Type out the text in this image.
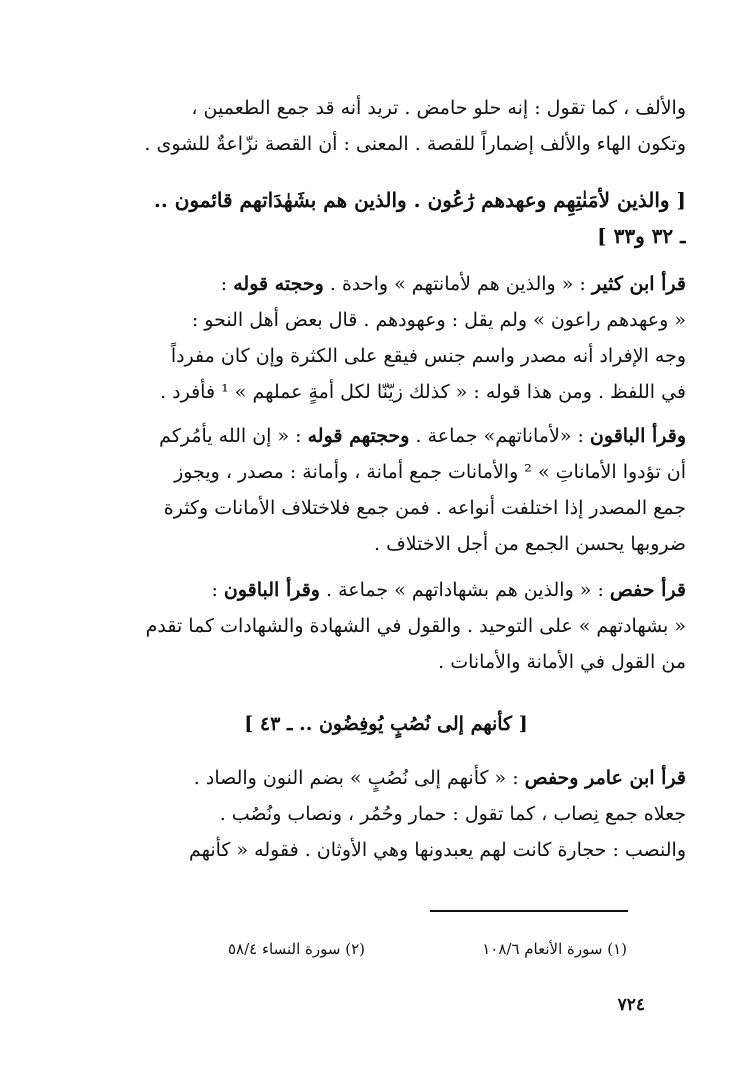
(١) سورة الأنعام ١٠٨/٦
(٢) سورة النساء ٥٨/٤
٧٢٤
والألف ، كما تقول : إنه حلو حامض . تريد أنه قد جمع الطعمين ،
وتكون الهاء والألف إضماراً للقصة . المعنى : أن القصة نزّاعةٌ للشوى .
[ والذين لأمَنٰتِهِم وعهدهم رَٰعُون . والذين هم بشَهٰدَاتهم قائمون ..
ـ ٣٢ و٣٣ ]
قرأ ابن كثير : « والذين هم لأمانتهم » واحدة . وحجته قوله :
« وعهدهم راعون » ولم يقل : وعهودهم . قال بعض أهل النحو :
وجه الإفراد أنه مصدر واسم جنس فيقع على الكثرة وإن كان مفرداً
في اللفظ . ومن هذا قوله : « كذلك زيّنّا لكل أمةٍ عملهم » ¹ فأفرد .
وقرأ الباقون : «لأماناتهم» جماعة . وحجتهم قوله : « إن الله يأمُركم
أن تؤدوا الأماناتِ » ² والأمانات جمع أمانة ، وأمانة : مصدر ، ويجوز
جمع المصدر إذا اختلفت أنواعه . فمن جمع فلاختلاف الأمانات وكثرة
ضروبها يحسن الجمع من أجل الاختلاف .
قرأ حفص : « والذين هم بشهاداتهم » جماعة . وقرأ الباقون :
« بشهادتهم » على التوحيد . والقول في الشهادة والشهادات كما تقدم
من القول في الأمانة والأمانات .
[ كأنهم إلى نُصُبٍ يُوفِضُون .. ـ ٤٣ ]
قرأ ابن عامر وحفص : « كأنهم إلى نُصُبٍ » بضم النون والصاد .
جعلاه جمع نِصاب ، كما تقول : حمار وحُمُر ، ونصاب ونُصُب .
والنصب : حجارة كانت لهم يعبدونها وهي الأوثان . فقوله « كأنهم
